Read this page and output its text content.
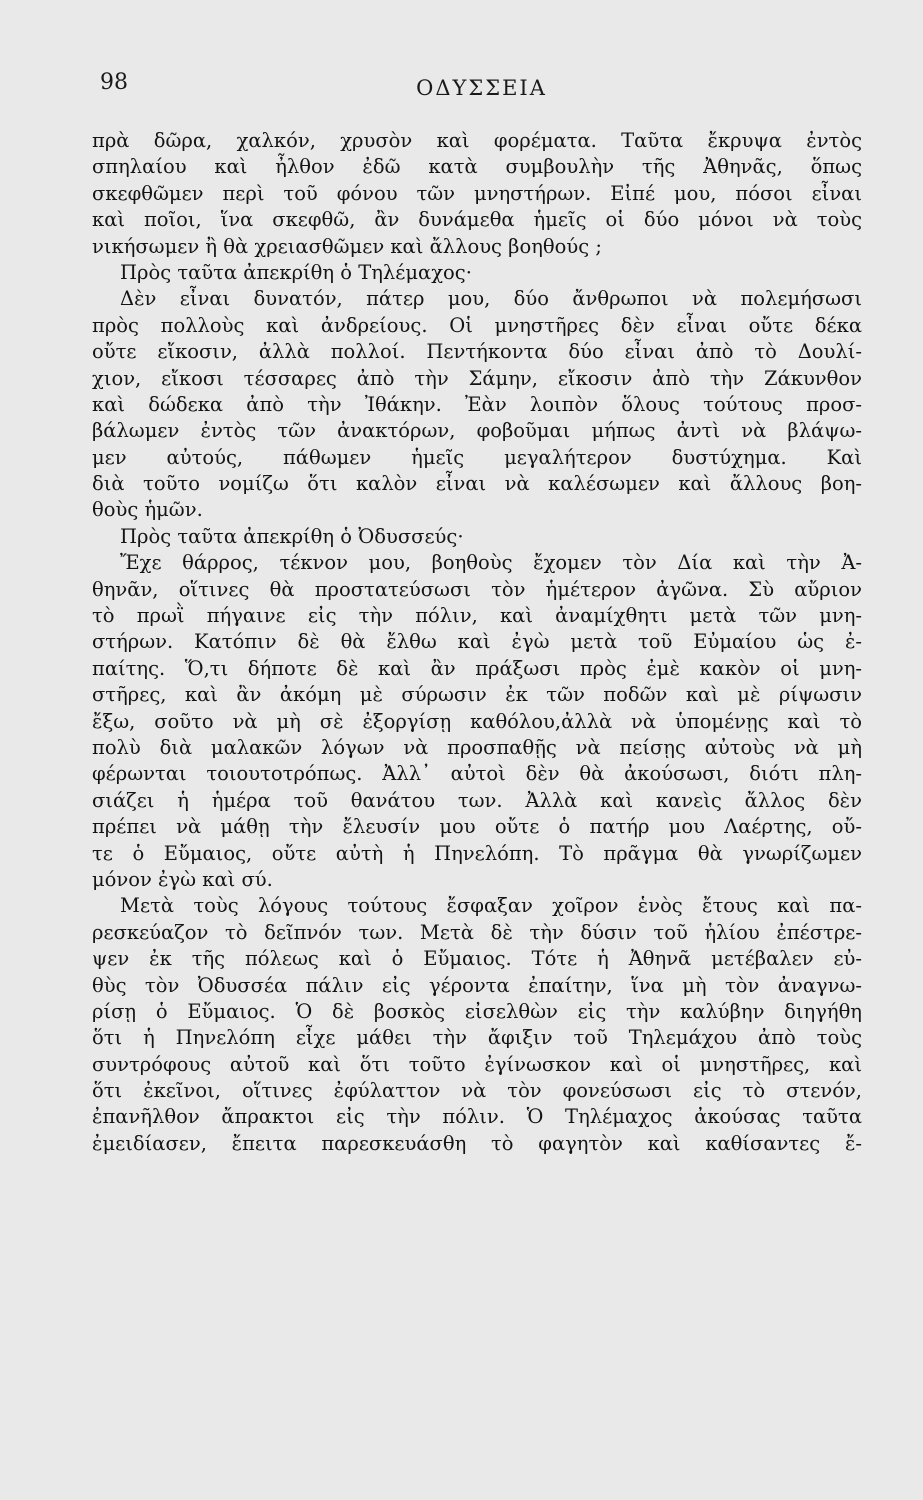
98	ΟΔΥΣΣΕΙΑ
πρὰ δῶρα, χαλκόν, χρυσὸν καὶ φορέματα. Ταῦτα ἔκρυψα ἐντὸς
σπηλαίου καὶ ἦλθον ἐδῶ κατὰ συμβουλὴν τῆς Ἀθηνᾶς, ὅπως
σκεφθῶμεν περὶ τοῦ φόνου τῶν μνηστήρων. Εἰπέ μου, πόσοι εἶναι
καὶ ποῖοι, ἵνα σκεφθῶ, ἂν δυνάμεθα ἡμεῖς οἱ δύο μόνοι νὰ τοὺς
νικήσωμεν ἢ θὰ χρειασθῶμεν καὶ ἄλλους βοηθούς ;
Πρὸς ταῦτα ἀπεκρίθη ὁ Τηλέμαχος·
Δὲν εἶναι δυνατόν, πάτερ μου, δύο ἄνθρωποι νὰ πολεμήσωσι
πρὸς πολλοὺς καὶ ἀνδρείους. Οἱ μνηστῆρες δὲν εἶναι οὔτε δέκα
οὔτε εἴκοσιν, ἀλλὰ πολλοί. Πεντήκοντα δύο εἶναι ἀπὸ τὸ Δουλί-
χιον, εἴκοσι τέσσαρες ἀπὸ τὴν Σάμην, εἴκοσιν ἀπὸ τὴν Ζάκυνθον
καὶ δώδεκα ἀπὸ τὴν Ἰθάκην. Ἐὰν λοιπὸν ὅλους τούτους προσ-
βάλωμεν ἐντὸς τῶν ἀνακτόρων, φοβοῦμαι μήπως ἀντὶ νὰ βλάψω-
μεν αὐτούς, πάθωμεν ἡμεῖς μεγαλήτερον δυστύχημα. Καὶ
διὰ τοῦτο νομίζω ὅτι καλὸν εἶναι νὰ καλέσωμεν καὶ ἄλλους βοη-
θοὺς ἡμῶν.
Πρὸς ταῦτα ἀπεκρίθη ὁ Ὀδυσσεύς·
Ἔχε θάρρος, τέκνον μου, βοηθοὺς ἔχομεν τὸν Δία καὶ τὴν Ἀ-
θηνᾶν, οἵτινες θὰ προστατεύσωσι τὸν ἡμέτερον ἀγῶνα. Σὺ αὔριον
τὸ πρωῒ πήγαινε εἰς τὴν πόλιν, καὶ ἀναμίχθητι μετὰ τῶν μνη-
στήρων. Κατόπιν δὲ θὰ ἔλθω καὶ ἐγὼ μετὰ τοῦ Εὐμαίου ὡς ἐ-
παίτης. Ὅ,τι δήποτε δὲ καὶ ἂν πράξωσι πρὸς ἐμὲ κακὸν οἱ μνη-
στῆρες, καὶ ἂν ἀκόμη μὲ σύρωσιν ἐκ τῶν ποδῶν καὶ μὲ ρίψωσιν
ἔξω, σοῦτο νὰ μὴ σὲ ἐξοργίσῃ καθόλου,ἀλλὰ νὰ ὑπομένῃς καὶ τὸ
πολὺ διὰ μαλακῶν λόγων νὰ προσπαθῇς νὰ πείσῃς αὐτοὺς νὰ μὴ
φέρωνται τοιουτοτρόπως. Ἀλλ᾽ αὐτοὶ δὲν θὰ ἀκούσωσι, διότι πλη-
σιάζει ἡ ἡμέρα τοῦ θανάτου των. Ἀλλὰ καὶ κανεὶς ἄλλος δὲν
πρέπει νὰ μάθῃ τὴν ἔλευσίν μου οὔτε ὁ πατήρ μου Λαέρτης, οὔ-
τε ὁ Εὔμαιος, οὔτε αὐτὴ ἡ Πηνελόπη. Τὸ πρᾶγμα θὰ γνωρίζωμεν
μόνον ἐγὼ καὶ σύ.
Μετὰ τοὺς λόγους τούτους ἔσφαξαν χοῖρον ἑνὸς ἔτους καὶ πα-
ρεσκεύαζον τὸ δεῖπνόν των. Μετὰ δὲ τὴν δύσιν τοῦ ἡλίου ἐπέστρε-
ψεν ἐκ τῆς πόλεως καὶ ὁ Εὔμαιος. Τότε ἡ Ἀθηνᾶ μετέβαλεν εὐ-
θὺς τὸν Ὀδυσσέα πάλιν εἰς γέροντα ἐπαίτην, ἵνα μὴ τὸν ἀναγνω-
ρίσῃ ὁ Εὔμαιος. Ὁ δὲ βοσκὸς εἰσελθὼν εἰς τὴν καλύβην διηγήθη
ὅτι ἡ Πηνελόπη εἶχε μάθει τὴν ἄφιξιν τοῦ Τηλεμάχου ἀπὸ τοὺς
συντρόφους αὐτοῦ καὶ ὅτι τοῦτο ἐγίνωσκον καὶ οἱ μνηστῆρες, καὶ
ὅτι ἐκεῖνοι, οἵτινες ἐφύλαττον νὰ τὸν φονεύσωσι εἰς τὸ στενόν,
ἐπανῆλθον ἄπρακτοι εἰς τὴν πόλιν. Ὁ Τηλέμαχος ἀκούσας ταῦτα
ἐμειδίασεν, ἔπειτα παρεσκευάσθη τὸ φαγητὸν καὶ καθίσαντες ἔ-
